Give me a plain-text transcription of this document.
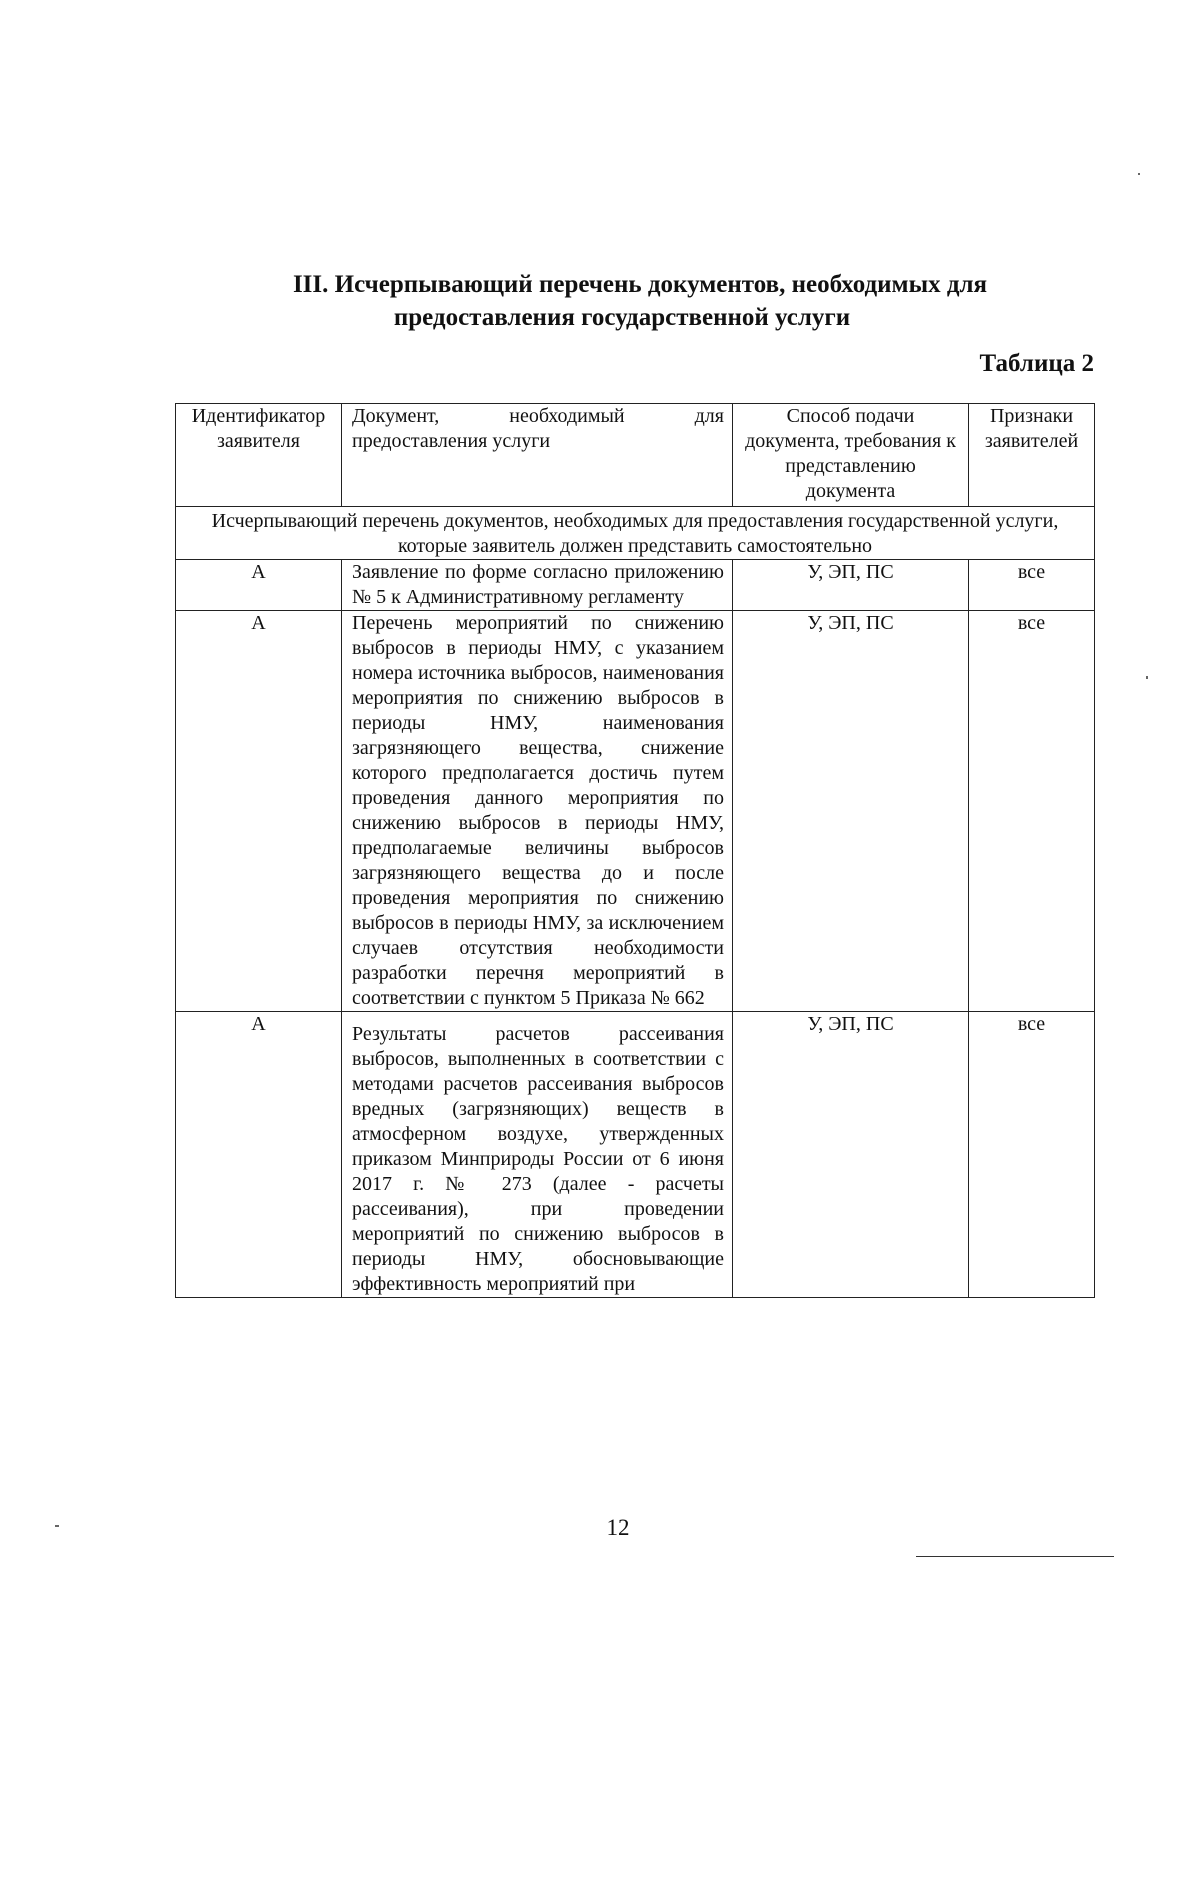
III. Исчерпывающий перечень документов, необходимых для
предоставления государственной услуги
Таблица 2
Идентификатор заявителя	Документ, необходимый для предоставления услуги	Способ подачи документа, требования к представлению документа	Признаки заявителей
Исчерпывающий перечень документов, необходимых для предоставления государственной услуги, которые заявитель должен представить самостоятельно			
А	Заявление по форме согласно приложению № 5 к Административному регламенту	У, ЭП, ПС	все
А	Перечень мероприятий по снижению выбросов в периоды НМУ, с указанием номера источника выбросов, наименования мероприятия по снижению выбросов в периоды НМУ, наименования загрязняющего вещества, снижение которого предполагается достичь путем проведения данного мероприятия по снижению выбросов в периоды НМУ, предполагаемые величины выбросов загрязняющего вещества до и после проведения мероприятия по снижению выбросов в периоды НМУ, за исключением случаев отсутствия необходимости разработки перечня мероприятий в соответствии с пунктом 5 Приказа № 662	У, ЭП, ПС	все
А	Результаты расчетов рассеивания выбросов, выполненных в соответствии с методами расчетов рассеивания выбросов вредных (загрязняющих) веществ в атмосферном воздухе, утвержденных приказом Минприроды России от 6 июня 2017 г. № 273 (далее - расчеты рассеивания), при проведении мероприятий по снижению выбросов в периоды НМУ, обосновывающие эффективность мероприятий при	У, ЭП, ПС	все
12
